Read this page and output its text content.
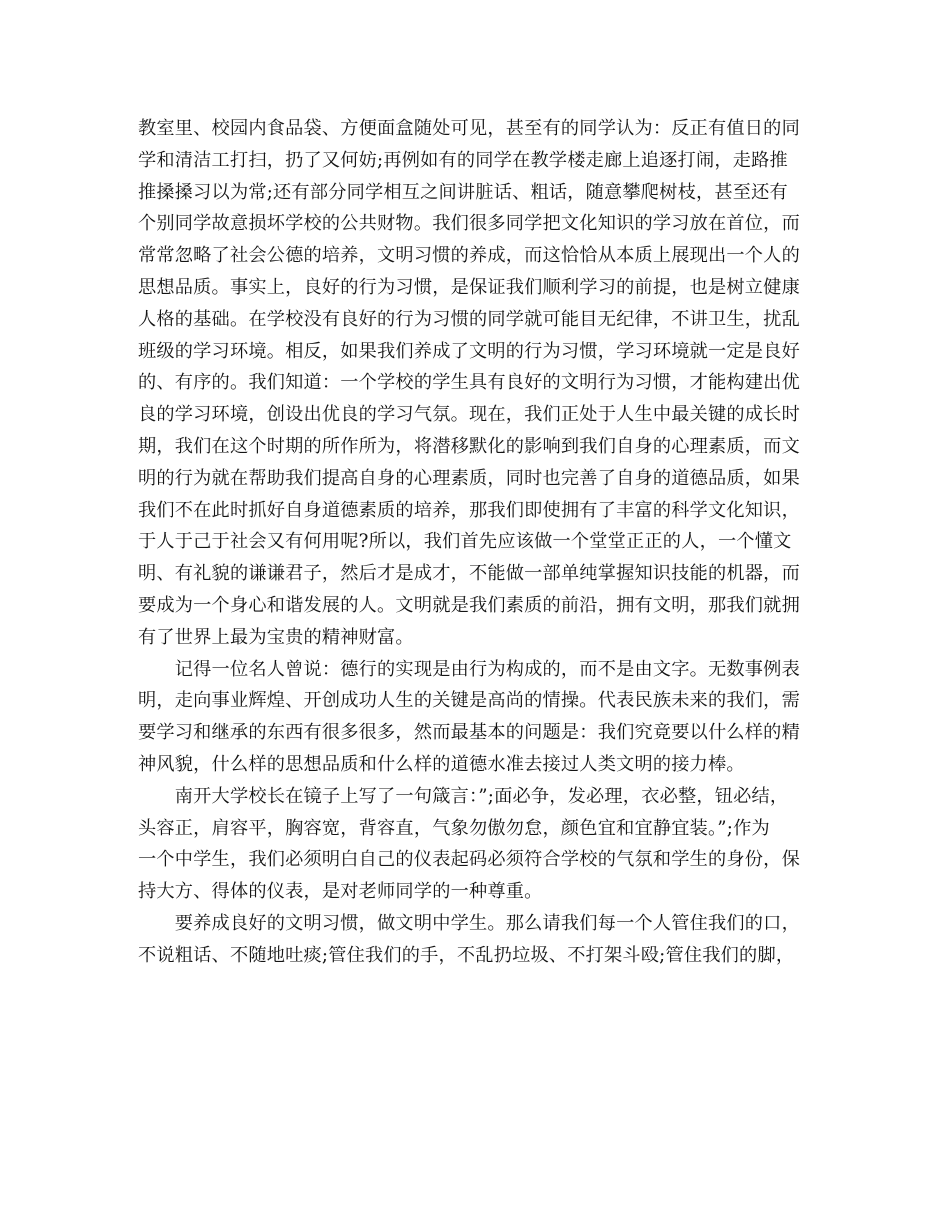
教室里、校园内食品袋、方便面盒随处可见，甚至有的同学认为：反正有值日的同
学和清洁工打扫，扔了又何妨;再例如有的同学在教学楼走廊上追逐打闹，走路推
推搡搡习以为常;还有部分同学相互之间讲脏话、粗话，随意攀爬树枝，甚至还有
个别同学故意损坏学校的公共财物。我们很多同学把文化知识的学习放在首位，而
常常忽略了社会公德的培养，文明习惯的养成，而这恰恰从本质上展现出一个人的
思想品质。事实上，良好的行为习惯，是保证我们顺利学习的前提，也是树立健康
人格的基础。在学校没有良好的行为习惯的同学就可能目无纪律，不讲卫生，扰乱
班级的学习环境。相反，如果我们养成了文明的行为习惯，学习环境就一定是良好
的、有序的。我们知道：一个学校的学生具有良好的文明行为习惯，才能构建出优
良的学习环境，创设出优良的学习气氛。现在，我们正处于人生中最关键的成长时
期，我们在这个时期的所作所为，将潜移默化的影响到我们自身的心理素质，而文
明的行为就在帮助我们提高自身的心理素质，同时也完善了自身的道德品质，如果
我们不在此时抓好自身道德素质的培养，那我们即使拥有了丰富的科学文化知识，
于人于己于社会又有何用呢?所以，我们首先应该做一个堂堂正正的人，一个懂文
明、有礼貌的谦谦君子，然后才是成才，不能做一部单纯掌握知识技能的机器，而
要成为一个身心和谐发展的人。文明就是我们素质的前沿，拥有文明，那我们就拥
有了世界上最为宝贵的精神财富。
　　记得一位名人曾说：德行的实现是由行为构成的，而不是由文字。无数事例表
明，走向事业辉煌、开创成功人生的关键是高尚的情操。代表民族未来的我们，需
要学习和继承的东西有很多很多，然而最基本的问题是：我们究竟要以什么样的精
神风貌，什么样的思想品质和什么样的道德水准去接过人类文明的接力棒。
　　南开大学校长在镜子上写了一句箴言：”;面必争，发必理，衣必整，钮必结，
头容正，肩容平，胸容宽，背容直，气象勿傲勿怠，颜色宜和宜静宜装。”;作为
一个中学生，我们必须明白自己的仪表起码必须符合学校的气氛和学生的身份，保
持大方、得体的仪表，是对老师同学的一种尊重。
　　要养成良好的文明习惯，做文明中学生。那么请我们每一个人管住我们的口，
不说粗话、不随地吐痰;管住我们的手，不乱扔垃圾、不打架斗殴;管住我们的脚，
